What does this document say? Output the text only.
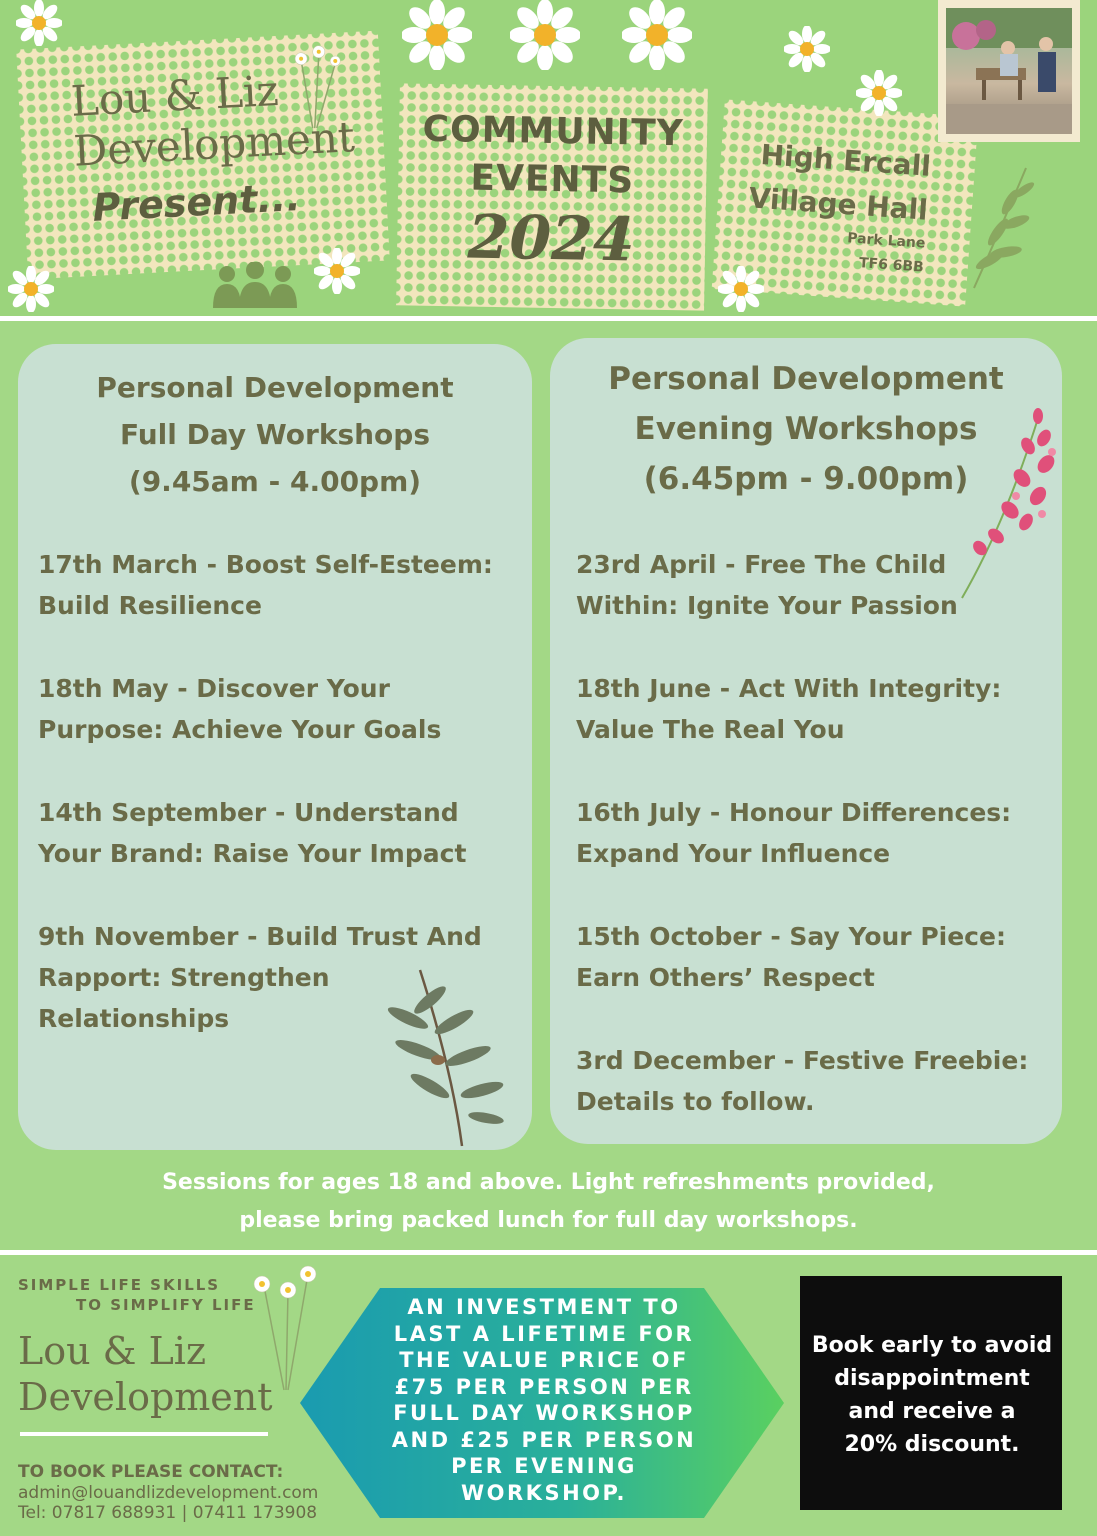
Lou & Liz
Development
Present...
COMMUNITY
EVENTS
2024
High Ercall
Village Hall
Park Lane
TF6 6BB
Personal Development
Full Day Workshops
(9.45am - 4.00pm)
17th March - Boost Self-Esteem:
Build Resilience
18th May - Discover Your
Purpose: Achieve Your Goals
14th September - Understand
Your Brand: Raise Your Impact
9th November - Build Trust And
Rapport: Strengthen
Relationships
Personal Development
Evening Workshops
(6.45pm - 9.00pm)
23rd April - Free The Child
Within: Ignite Your Passion
18th June - Act With Integrity:
Value The Real You
16th July - Honour Differences:
Expand Your Influence
15th October - Say Your Piece:
Earn Others’ Respect
3rd December - Festive Freebie:
Details to follow.
Sessions for ages 18 and above. Light refreshments provided,
please bring packed lunch for full day workshops.
SIMPLE LIFE SKILLS
TO SIMPLIFY LIFE
Lou & Liz
Development
TO BOOK PLEASE CONTACT:
admin@louandlizdevelopment.com
Tel: 07817 688931 | 07411 173908
AN INVESTMENT TO
LAST A LIFETIME FOR
THE VALUE PRICE OF
£75 PER PERSON PER
FULL DAY WORKSHOP
AND £25 PER PERSON
PER EVENING
WORKSHOP.
Book early to avoid
disappointment
and receive a
20% discount.
